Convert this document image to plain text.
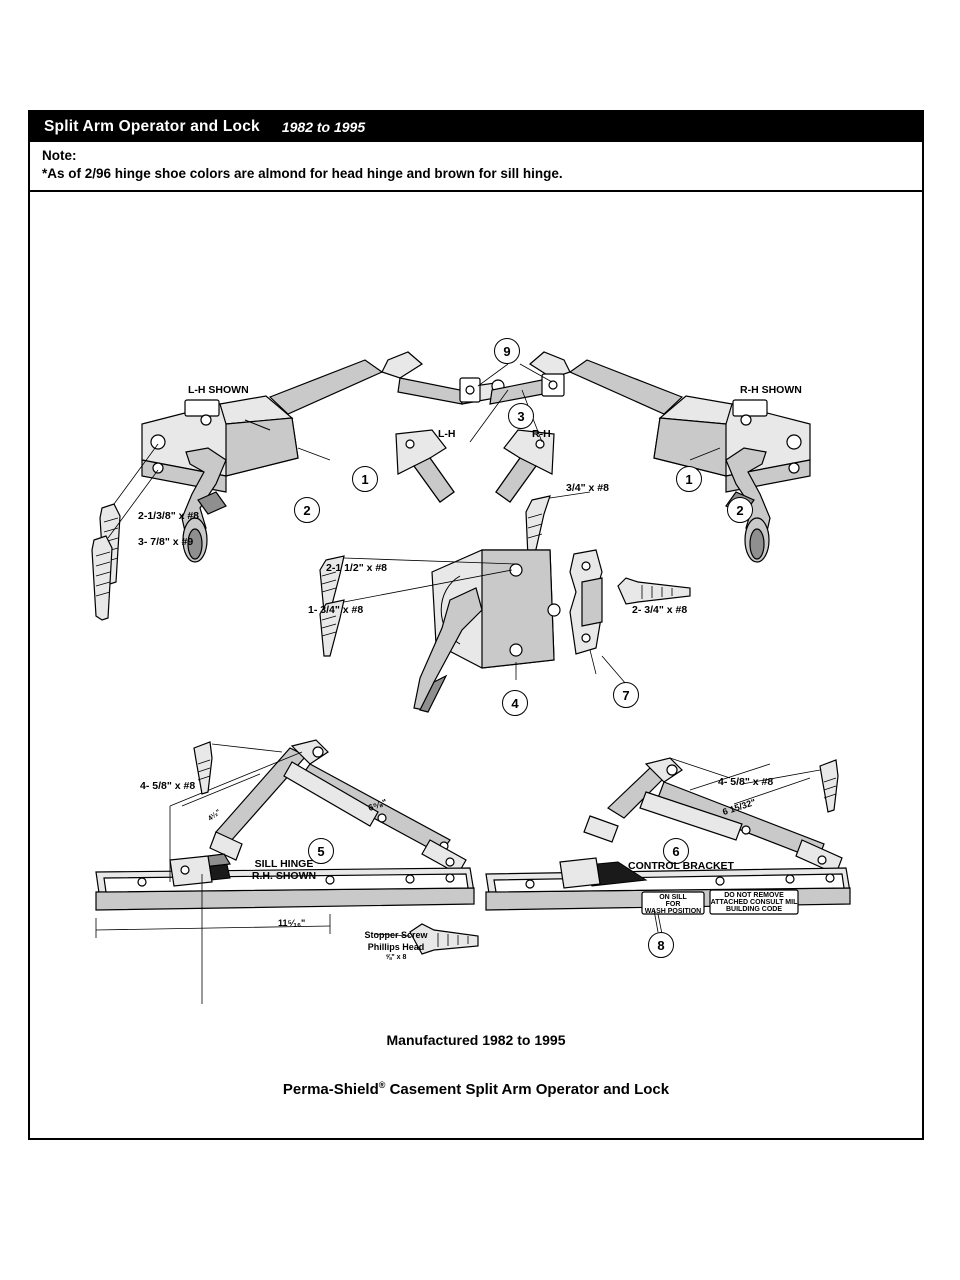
Split Arm Operator and Lock 1982 to 1995
Note:
*As of 2/96 hinge shoe colors are almond for head hinge and brown for sill hinge.
1	1
2	2
3
4
5	6
7
8
9
L-H SHOWN	R-H SHOWN
L-H	R-H
2-1/3/8" x #8
3- 7/8" x #9
3/4" x #8
2-1 1/2" x #8
1- 3/4" x #8	2- 3/4" x #8
4- 5/8" x #8	4- 5/8" x #8
6⁵⁄₈"
4¹⁄₂"
11⁵⁄₁₆"
6 15/32"
SILL HINGE
R.H. SHOWN
CONTROL BRACKET
Stopper Screw
Phillips Head
⅝" x 8
ON SILL
FOR
WASH POSITION
DO NOT REMOVE
ATTACHED CONSULT MIL
BUILDING CODE
Manufactured 1982 to 1995
Perma-Shield® Casement Split Arm Operator and Lock
